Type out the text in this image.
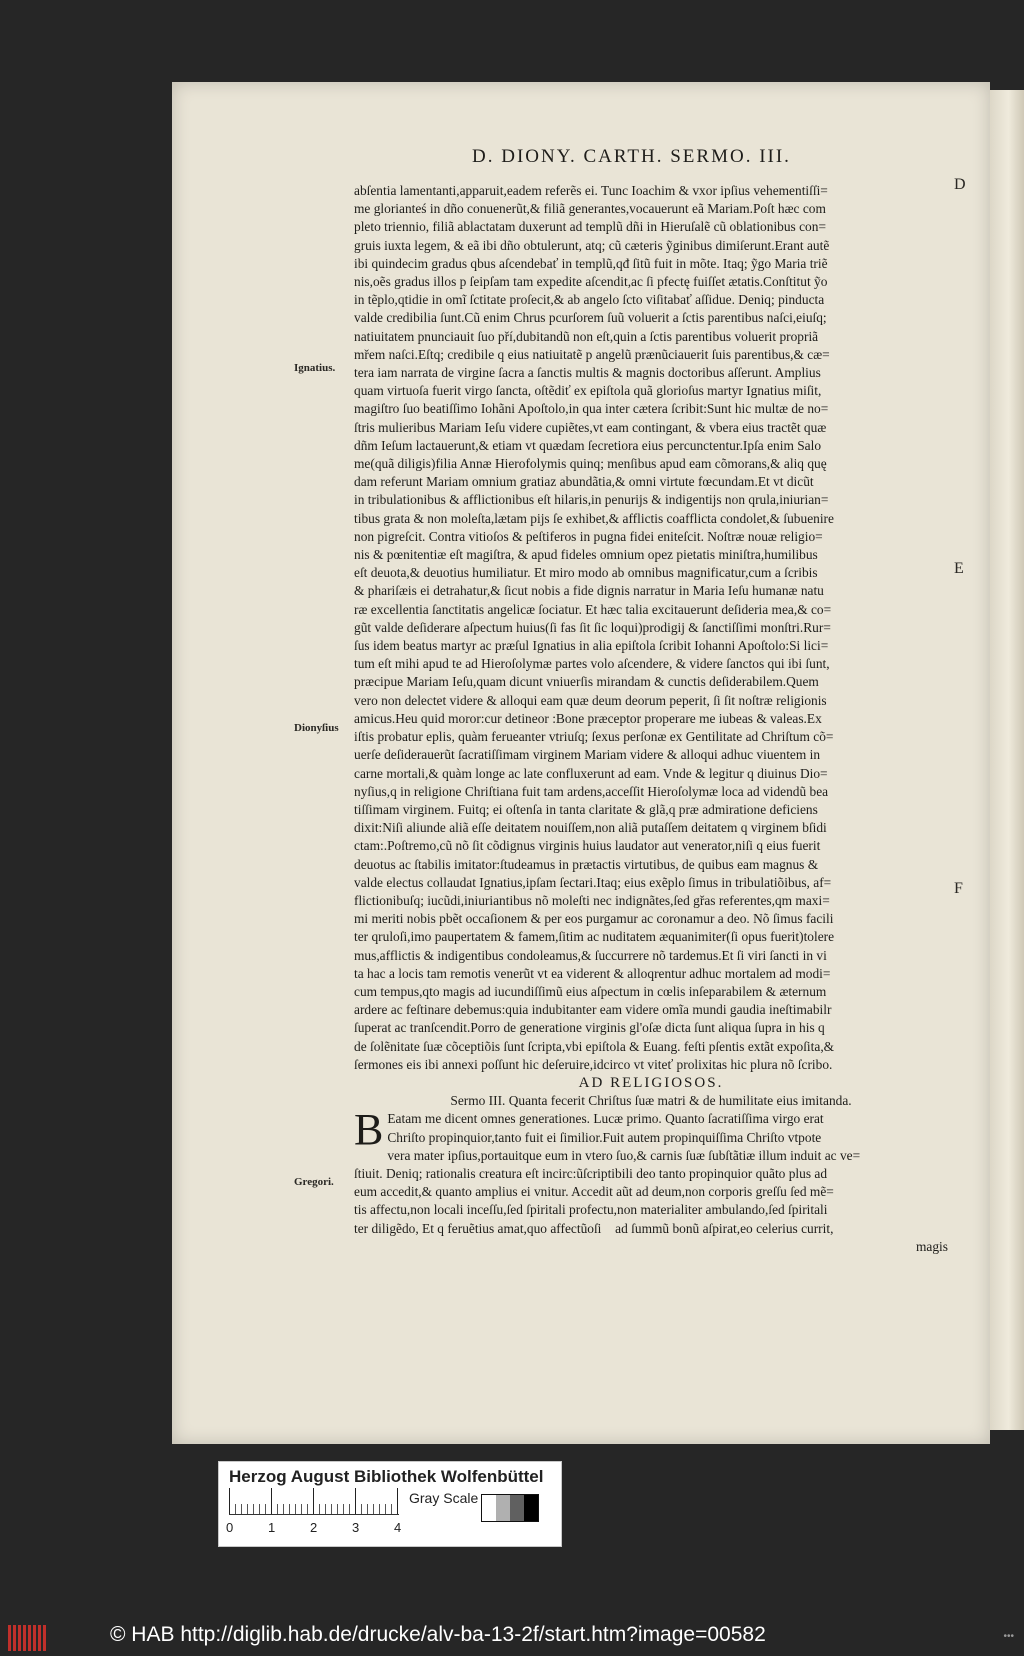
D. DIONY. CARTH. SERMO. III.
Ignatius.
Dionyſius
Gregori.
D
E
F
abſentia lamentanti,apparuit,eadem referẽs ei. Tunc Ioachim & vxor ipſius vehementiſſi=
me glorianteś in dño conuenerũt,& filiã generantes,vocauerunt eã Mariam.Poſt hæc com
pleto triennio, filiã ablactatam duxerunt ad templũ dñi in Hieruſalẽ cũ oblationibus con=
gruis iuxta legem, & eã ibi dño obtulerunt, atq; cũ cæteris ỹginibus dimiſerunt.Erant autẽ
ibi quindecim gradus qbus aſcendebať in templũ,qđ ſitũ fuit in mõte. Itaq; ỹgo Maria triẽ
nis,oẽs gradus illos p ſeipſam tam expedite aſcendit,ac ſi pfectę fuiſſet ætatis.Conſtitut ỹo
in tẽplo,qtidie in omĩ ſctitate proſecit,& ab angelo ſcto viſitabať aſſidue. Deniq; pinducta
valde credibilia ſunt.Cũ enim Chrus pcurſorem ſuũ voluerit a ſctis parentibus naſci,eiuſq;
natiuitatem pnunciauit ſuo pří,dubitandũ non eſt,quin a ſctis parentibus voluerit propriã
mřem naſci.Eſtq; credibile q eius natiuitatẽ p angelũ prænũciauerit ſuis parentibus,& cæ=
tera iam narrata de virgine ſacra a ſanctis multis & magnis doctoribus aſſerunt. Amplius
quam virtuoſa fuerit virgo ſancta, oſtẽdiť ex epiſtola quã glorioſus martyr Ignatius miſit,
magiſtro ſuo beatiſſimo Iohãni Apoſtolo,in qua inter cætera ſcribit:Sunt hic multæ de no=
ſtris mulieribus Mariam Ieſu videre cupiẽtes,vt eam contingant, & vbera eius tractẽt quæ
dñm Ieſum lactauerunt,& etiam vt quædam ſecretiora eius percunctentur.Ipſa enim Salo
me(quã diligis)filia Annæ Hierofolymis quinq; menſibus apud eam cõmorans,& aliq quę
dam referunt Mariam omnium gratiaz abundãtia,& omni virtute fœcundam.Et vt dicũt
in tribulationibus & afflictionibus eſt hilaris,in penurijs & indigentijs non qrula,iniurian=
tibus grata & non moleſta,lætam pijs ſe exhibet,& afflictis coafflicta condolet,& ſubuenire
non pigreſcit. Contra vitioſos & peſtiferos in pugna fidei eniteſcit. Noſtræ nouæ religio=
nis & pœnitentiæ eſt magiſtra, & apud fideles omnium opez pietatis miniſtra,humilibus
eſt deuota,& deuotius humiliatur. Et miro modo ab omnibus magnificatur,cum a ſcribis
& phariſæis ei detrahatur,& ſicut nobis a fide dignis narratur in Maria Ieſu humanæ natu
ræ excellentia ſanctitatis angelicæ ſociatur. Et hæc talia excitauerunt deſideria mea,& co=
gũt valde deſiderare aſpectum huius(ſi fas ſit ſic loqui)prodigij & ſanctiſſimi monſtri.Rur=
ſus idem beatus martyr ac præſul Ignatius in alia epiſtola ſcribit Iohanni Apoſtolo:Si lici=
tum eſt mihi apud te ad Hieroſolymæ partes volo aſcendere, & videre ſanctos qui ibi ſunt,
præcipue Mariam Ieſu,quam dicunt vniuerſis mirandam & cunctis deſiderabilem.Quem
vero non delectet videre & alloqui eam quæ deum deorum peperit, ſi ſit noſtræ religionis
amicus.Heu quid moror:cur detineor :Bone præceptor properare me iubeas & valeas.Ex
iſtis probatur eplis, quàm ferueanter vtriuſq; ſexus perſonæ ex Gentilitate ad Chriſtum cõ=
uerſe deſiderauerũt ſacratiſſimam virginem Mariam videre & alloqui adhuc viuentem in
carne mortali,& quàm longe ac late confluxerunt ad eam. Vnde & legitur q diuinus Dio=
nyſius,q in religione Chriſtiana fuit tam ardens,acceſſit Hieroſolymæ loca ad videndũ bea
tiſſimam virginem. Fuitq; ei oſtenſa in tanta claritate & glã,q præ admiratione deficiens
dixit:Niſi aliunde aliã eſſe deitatem nouiſſem,non aliã putaſſem deitatem q virginem bſidi
ctam:.Poſtremo,cũ nõ ſit cõdignus virginis huius laudator aut venerator,niſi q eius fuerit
deuotus ac ſtabilis imitator:ſtudeamus in prætactis virtutibus, de quibus eam magnus &
valde electus collaudat Ignatius,ipſam ſectari.Itaq; eius exẽplo ſimus in tribulatiõibus, af=
flictionibuſq; iucũdi,iniuriantibus nõ moleſti nec indignãtes,ſed gřas referentes,qm maxi=
mi meriti nobis pbẽt occaſionem & per eos purgamur ac coronamur a deo. Nõ ſimus facili
ter qruloſi,imo paupertatem & famem,ſitim ac nuditatem æquanimiter(ſi opus fuerit)tolere
mus,afflictis & indigentibus condoleamus,& ſuccurrere nõ tardemus.Et ſi viri ſancti in vi
ta hac a locis tam remotis venerũt vt ea viderent & alloqrentur adhuc mortalem ad modi=
cum tempus,qto magis ad iucundiſſimũ eius aſpectum in cœlis inſeparabilem & æternum
ardere ac feſtinare debemus:quia indubitanter eam videre omĩa mundi gaudia ineſtimabilr
ſuperat ac tranſcendit.Porro de generatione virginis gl'oſæ dicta ſunt aliqua ſupra in his q
de ſolẽnitate ſuæ cõceptiõis ſunt ſcripta,vbi epiſtola & Euang. feſti pſentis extãt expoſita,&
ſermones eis ibi annexi poſſunt hic deſeruire,idcirco vt viteť prolixitas hic plura nõ ſcribo.
AD RELIGIOSOS.
Sermo III. Quanta fecerit Chriſtus ſuæ matri & de humilitate eius imitanda.
B Eatam me dicent omnes generationes. Lucæ primo. Quanto ſacratiſſima virgo erat
Chriſto propinquior,tanto fuit ei ſimilior.Fuit autem propinquiſſima Chriſto vtpote
vera mater ipſius,portauitque eum in vtero ſuo,& carnis ſuæ ſubſtãtiæ illum induit ac ve=
ſtiuit. Deniq; rationalis creatura eſt incirc:ũſcriptibili deo tanto propinquior quãto plus ad
eum accedit,& quanto amplius ei vnitur. Accedit aũt ad deum,non corporis greſſu ſed mẽ=
tis affectu,non locali inceſſu,ſed ſpiritali profectu,non materialiter ambulando,ſed ſpiritali
ter diligẽdo, Et q feruẽtius amat,quo affectũoſi᷒ ad ſummũ bonũ aſpirat,eo celerius currit,
magis
Herzog August Bibliothek Wolfenbüttel
0	1	2	3	4
Gray Scale
© HAB http://diglib.hab.de/drucke/alv-ba-13-2f/start.htm?image=00582	•••
